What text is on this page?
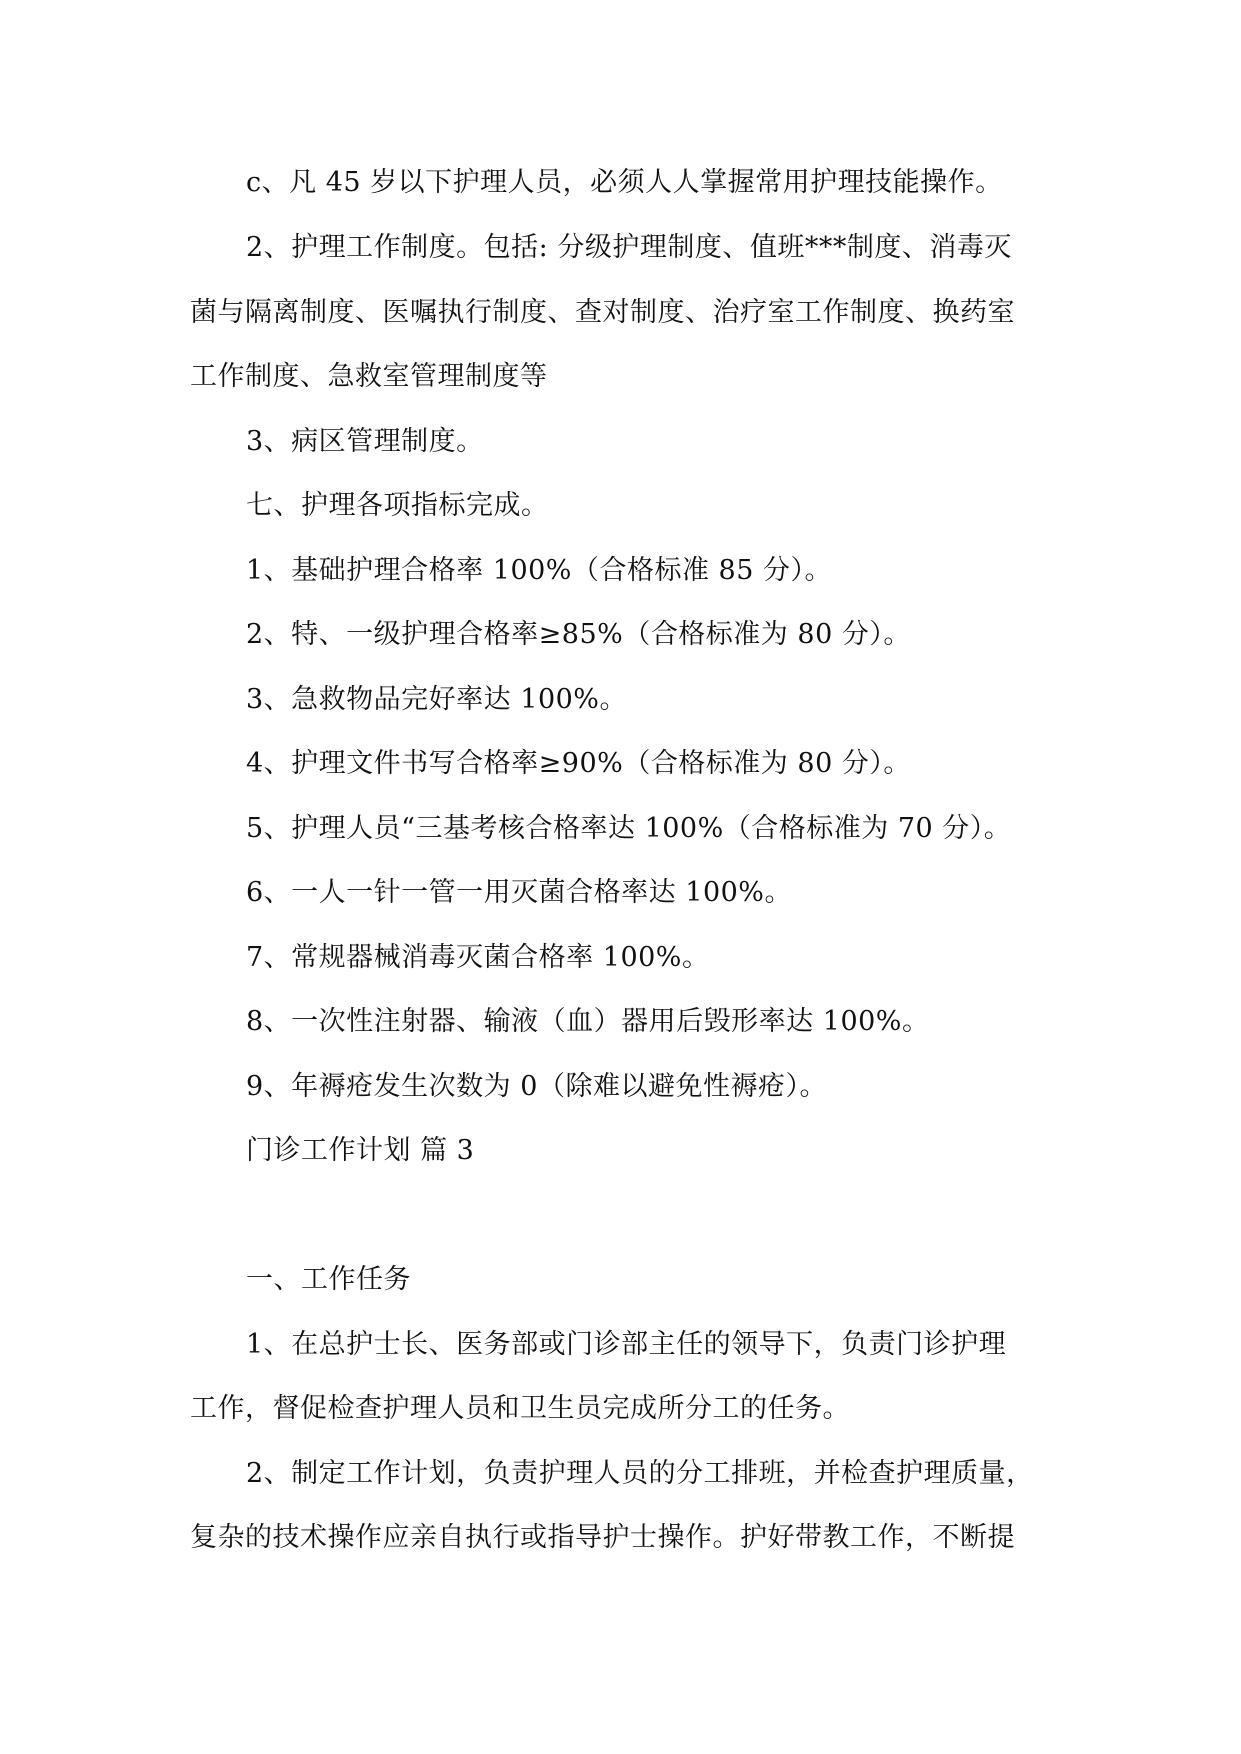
c、凡 45 岁以下护理人员，必须人人掌握常用护理技能操作。
2、护理工作制度。包括: 分级护理制度、值班***制度、消毒灭
菌与隔离制度、医嘱执行制度、查对制度、治疗室工作制度、换药室
工作制度、急救室管理制度等
3、病区管理制度。
七、护理各项指标完成。
1、基础护理合格率 100%（合格标准 85 分）。
2、特、一级护理合格率≥85%（合格标准为 80 分）。
3、急救物品完好率达 100%。
4、护理文件书写合格率≥90%（合格标准为 80 分）。
5、护理人员“三基考核合格率达 100%（合格标准为 70 分）。
6、一人一针一管一用灭菌合格率达 100%。
7、常规器械消毒灭菌合格率 100%。
8、一次性注射器、输液（血）器用后毁形率达 100%。
9、年褥疮发生次数为 0（除难以避免性褥疮）。
门诊工作计划 篇 3
一、工作任务
1、在总护士长、医务部或门诊部主任的领导下，负责门诊护理
工作，督促检查护理人员和卫生员完成所分工的任务。
2、制定工作计划，负责护理人员的分工排班，并检查护理质量，
复杂的技术操作应亲自执行或指导护士操作。护好带教工作，不断提
